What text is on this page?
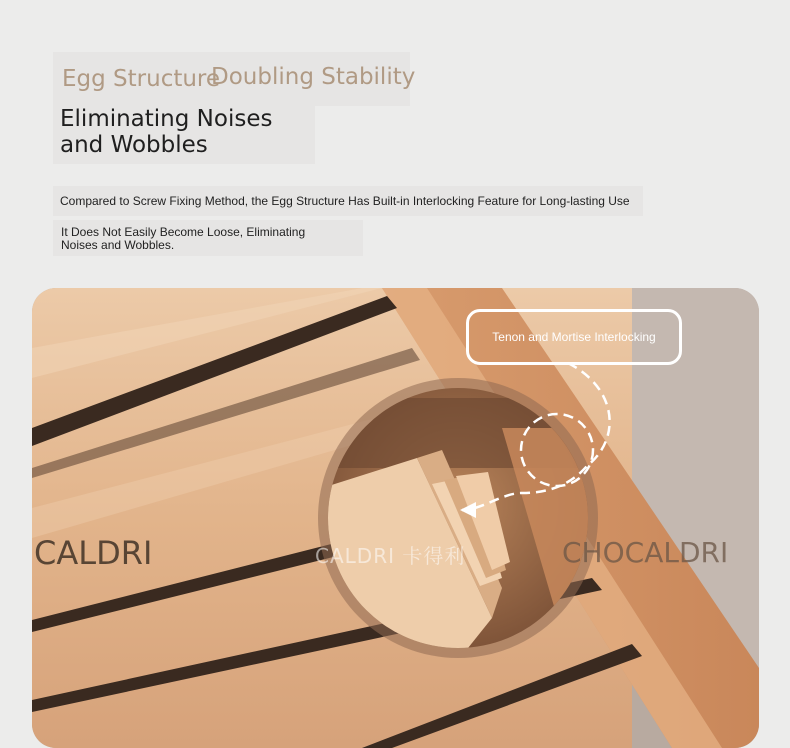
Egg Structure
Doubling Stability
Eliminating Noises and Wobbles
Compared to Screw Fixing Method, the Egg Structure Has Built-in Interlocking Feature for Long-lasting Use
It Does Not Easily Become Loose, Eliminating Noises and Wobbles.
Tenon and Mortise Interlocking
CALDRI	CALDRI 卡得利	CHOCALDRI
